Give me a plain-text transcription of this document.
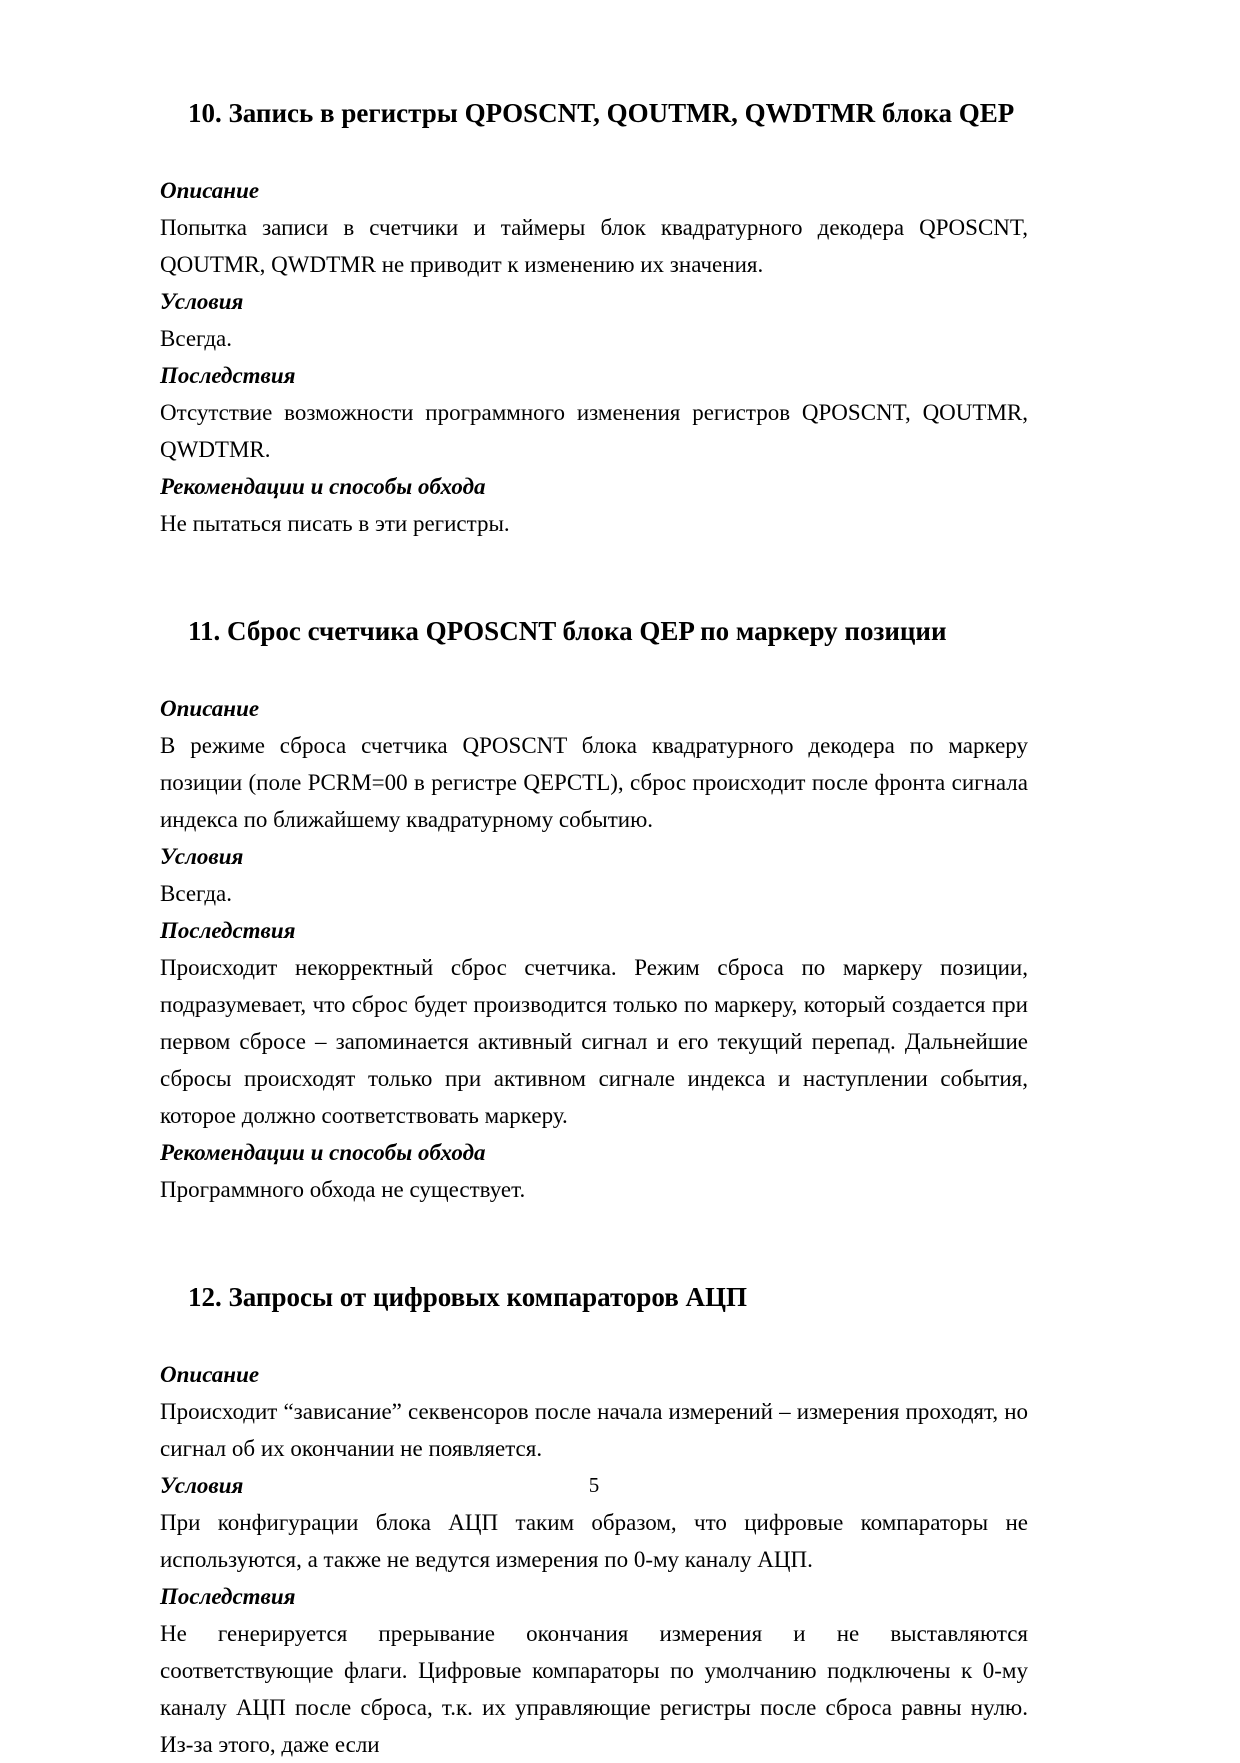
10. Запись в регистры QPOSCNT, QOUTMR, QWDTMR блока QEP

Описание

Попытка записи в счетчики и таймеры блок квадратурного декодера QPOSCNT, QOUTMR, QWDTMR не приводит к изменению их значения.

Условия

Всегда.

Последствия

Отсутствие возможности программного изменения регистров QPOSCNT, QOUTMR, QWDTMR.

Рекомендации и способы обхода

Не пытаться писать в эти регистры.

11. Сброс счетчика QPOSCNT блока QEP по маркеру позиции

Описание

В режиме сброса счетчика QPOSCNT блока квадратурного декодера по маркеру позиции (поле PCRM=00 в регистре QEPCTL), сброс происходит после фронта сигнала индекса по ближайшему квадратурному событию.

Условия

Всегда.

Последствия

Происходит некорректный сброс счетчика. Режим сброса по маркеру позиции, подразумевает, что сброс будет производится только по маркеру, который создается при первом сбросе – запоминается активный сигнал и его текущий перепад. Дальнейшие сбросы происходят только при активном сигнале индекса и наступлении события, которое должно соответствовать маркеру.

Рекомендации и способы обхода

Программного обхода не существует.

12. Запросы от цифровых компараторов АЦП

Описание

Происходит “зависание” секвенсоров после начала измерений – измерения проходят, но сигнал об их окончании не появляется.

Условия

При конфигурации блока АЦП таким образом, что цифровые компараторы не используются, а также не ведутся измерения по 0-му каналу АЦП.

Последствия

Не генерируется прерывание окончания измерения и не выставляются соответствующие флаги. Цифровые компараторы по умолчанию подключены к 0-му каналу АЦП после сброса, т.к. их управляющие регистры после сброса равны нулю. Из-за этого, даже если

5
